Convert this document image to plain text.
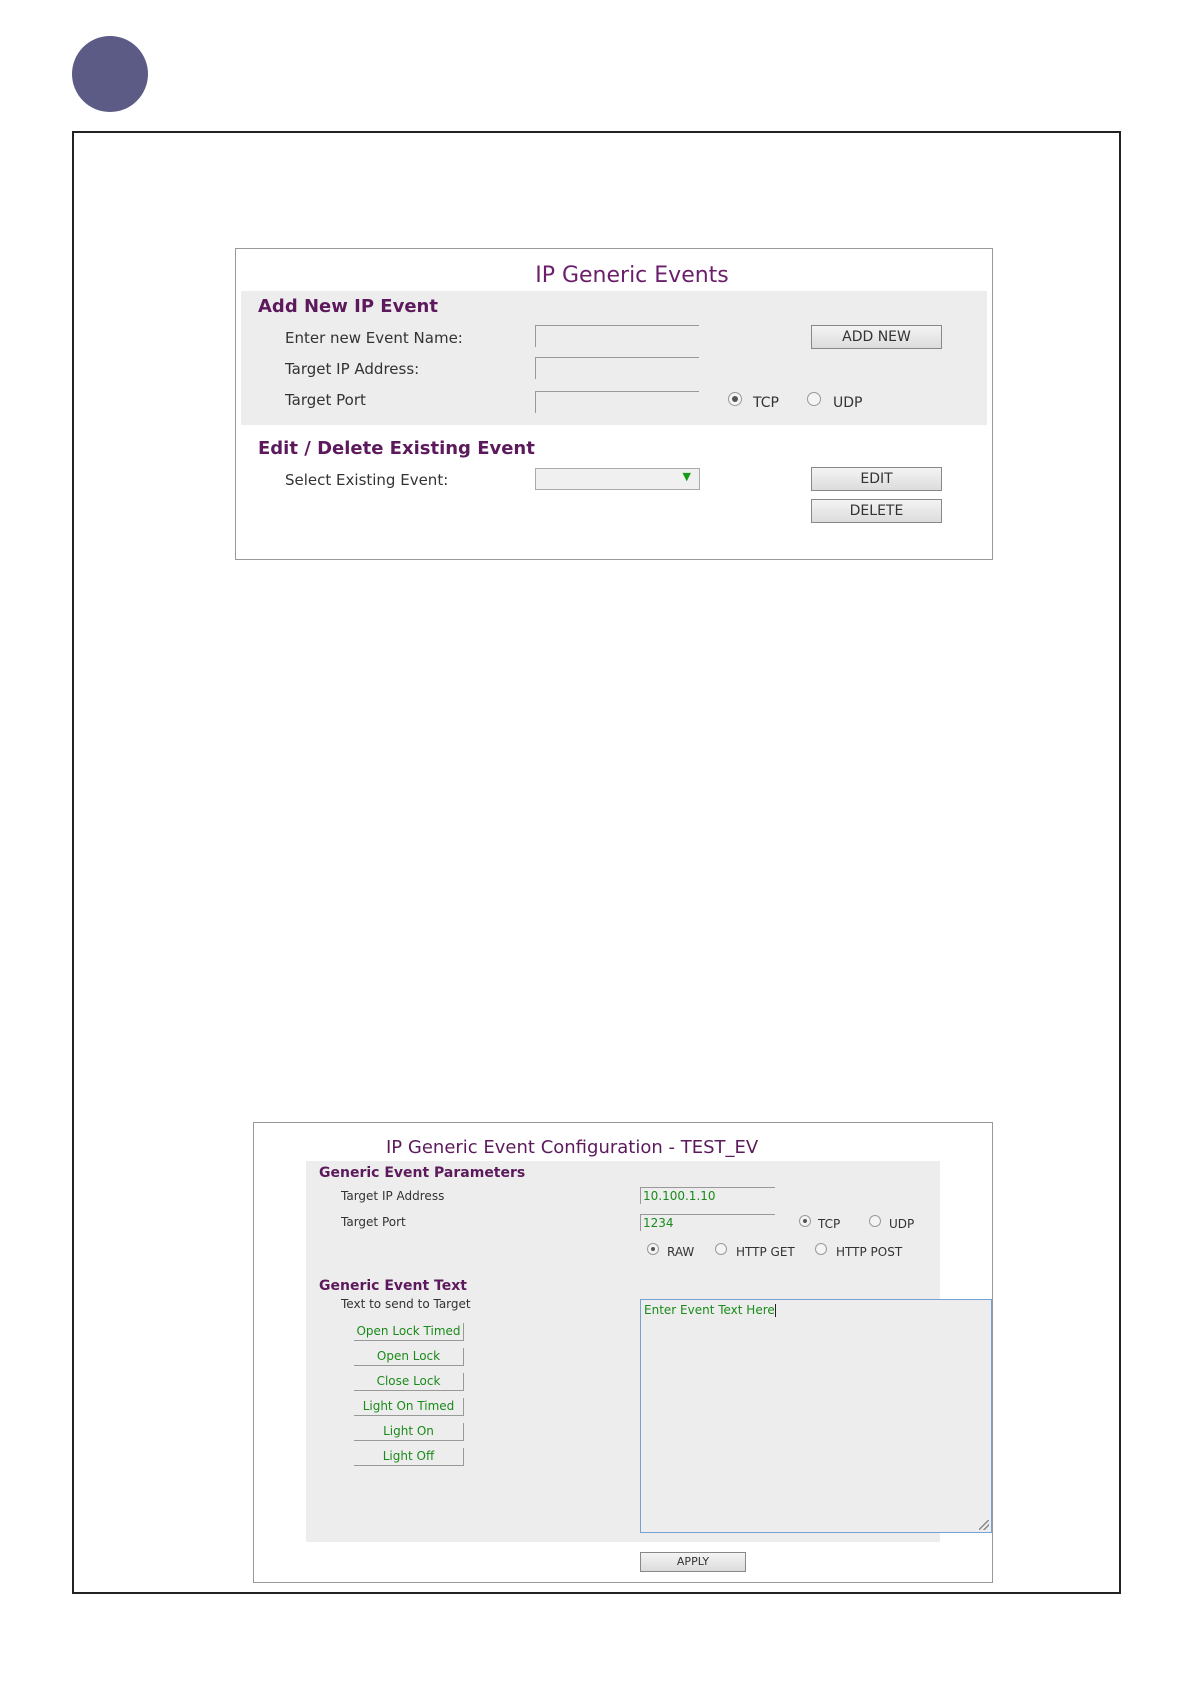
IP Generic Events
Add New IP Event
Enter new Event Name:
Target IP Address:
Target Port	TCP	UDP
ADD NEW
Edit / Delete Existing Event
Select Existing Event:	▼	EDIT
DELETE
IP Generic Event Configuration - TEST_EV
Generic Event Parameters
Target IP Address	10.100.1.10
Target Port	1234	TCP	UDP
RAW	HTTP GET	HTTP POST
Generic Event Text
Text to send to Target
Open Lock Timed
Open Lock
Close Lock
Light On Timed
Light On
Light Off
Enter Event Text Here
APPLY
